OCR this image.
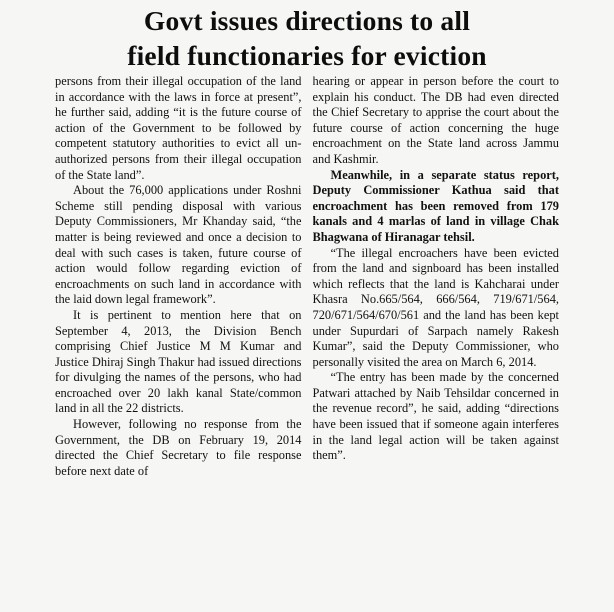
Govt issues directions to all
field functionaries for eviction

persons from their illegal occupation of the land in accordance with the laws in force at present”, he further said, adding “it is the future course of action of the Government to be followed by competent statutory authorities to evict all un-authorized persons from their illegal occupation of the State land”.

About the 76,000 applications under Roshni Scheme still pending disposal with various Deputy Commissioners, Mr Khanday said, “the matter is being reviewed and once a decision to deal with such cases is taken, future course of action would follow regarding eviction of encroachments on such land in accordance with the laid down legal framework”.

It is pertinent to mention here that on September 4, 2013, the Division Bench comprising Chief Justice M M Kumar and Justice Dhiraj Singh Thakur had issued directions for divulging the names of the persons, who had encroached over 20 lakh kanal State/common land in all the 22 districts.

However, following no response from the Government, the DB on February 19, 2014 directed the Chief Secretary to file response before next date of

hearing or appear in person before the court to explain his conduct. The DB had even directed the Chief Secretary to apprise the court about the future course of action concerning the huge encroachment on the State land across Jammu and Kashmir.

Meanwhile, in a separate status report, Deputy Commissioner Kathua said that encroachment has been removed from 179 kanals and 4 marlas of land in village Chak Bhagwana of Hiranagar tehsil.

“The illegal encroachers have been evicted from the land and signboard has been installed which reflects that the land is Kahcharai under Khasra No.665/564, 666/564, 719/671/564, 720/671/564/670/561 and the land has been kept under Supurdari of Sarpach namely Rakesh Kumar”, said the Deputy Commissioner, who personally visited the area on March 6, 2014.

“The entry has been made by the concerned Patwari attached by Naib Tehsildar concerned in the revenue record”, he said, adding “directions have been issued that if someone again interferes in the land legal action will be taken against them”.
